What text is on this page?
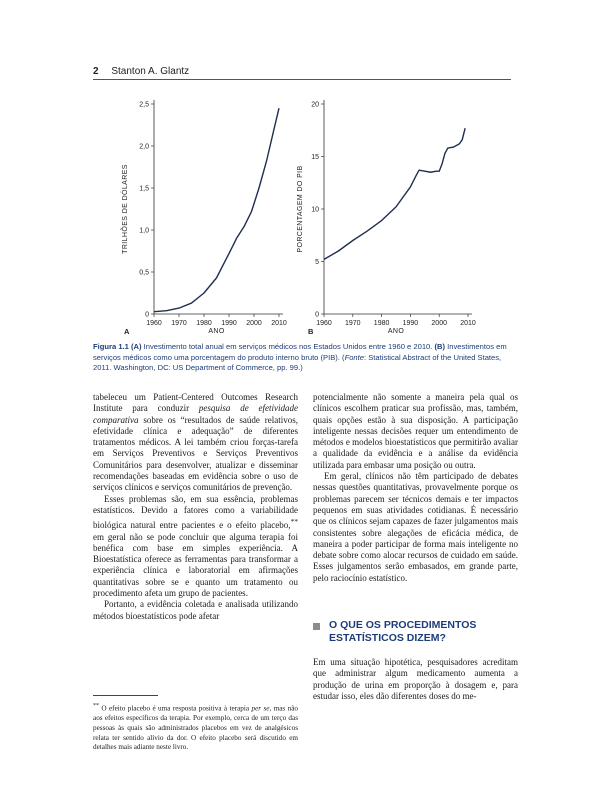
2 Stanton A. Glantz
0
0,5
1,0
1,5
2,0
2,5
1960 1970 1980 1990 2000 2010
ANO
TRILHÕES DE DÓLARES
A
0
5
10
15
20
1960 1970 1980 1990 2000 2010
ANO
PORCENTAGEM DO PIB
B
Figura 1.1 (A) Investimento total anual em serviços médicos nos Estados Unidos entre 1960 e 2010. (B) Investimentos em serviços médicos como uma porcentagem do produto interno bruto (PIB). (Fonte: Statistical Abstract of the United States, 2011. Washington, DC: US Department of Commerce, pp. 99.)

tabeleceu um Patient-Centered Outcomes Research Institute para conduzir pesquisa de efetividade comparativa sobre os “resultados de saúde relativos, efetividade clínica e adequação” de diferentes tratamentos médicos. A lei também criou forças-tarefa em Serviços Preventivos e Serviços Preventivos Comunitários para desenvolver, atualizar e disseminar recomendações baseadas em evidência sobre o uso de serviços clínicos e serviços comunitários de prevenção.

Esses problemas são, em sua essência, problemas estatísticos. Devido a fatores como a variabilidade biológica natural entre pacientes e o efeito placebo,** em geral não se pode concluir que alguma terapia foi benéfica com base em simples experiência. A Bioestatística oferece as ferramentas para transformar a experiência clínica e laboratorial em afirmações quantitativas sobre se e quanto um tratamento ou procedimento afeta um grupo de pacientes.

Portanto, a evidência coletada e analisada utilizando métodos bioestatísticos pode afetar

** O efeito placebo é uma resposta positiva à terapia per se, mas não aos efeitos específicos da terapia. Por exemplo, cerca de um terço das pessoas às quais são administrados placebos em vez de analgésicos relata ter sentido alívio da dor. O efeito placebo será discutido em detalhes mais adiante neste livro.

potencialmente não somente a maneira pela qual os clínicos escolhem praticar sua profissão, mas, também, quais opções estão à sua disposição. A participação inteligente nessas decisões requer um entendimento de métodos e modelos bioestatísticos que permitirão avaliar a qualidade da evidência e a análise da evidência utilizada para embasar uma posição ou outra.

Em geral, clínicos não têm participado de debates nessas questões quantitativas, provavelmente porque os problemas parecem ser técnicos demais e ter impactos pequenos em suas atividades cotidianas. É necessário que os clínicos sejam capazes de fazer julgamentos mais consistentes sobre alegações de eficácia médica, de maneira a poder participar de forma mais inteligente no debate sobre como alocar recursos de cuidado em saúde. Esses julgamentos serão embasados, em grande parte, pelo raciocínio estatístico.

O QUE OS PROCEDIMENTOS ESTATÍSTICOS DIZEM?

Em uma situação hipotética, pesquisadores acreditam que administrar algum medicamento aumenta a produção de urina em proporção à dosagem e, para estudar isso, eles dão diferentes doses do me-
